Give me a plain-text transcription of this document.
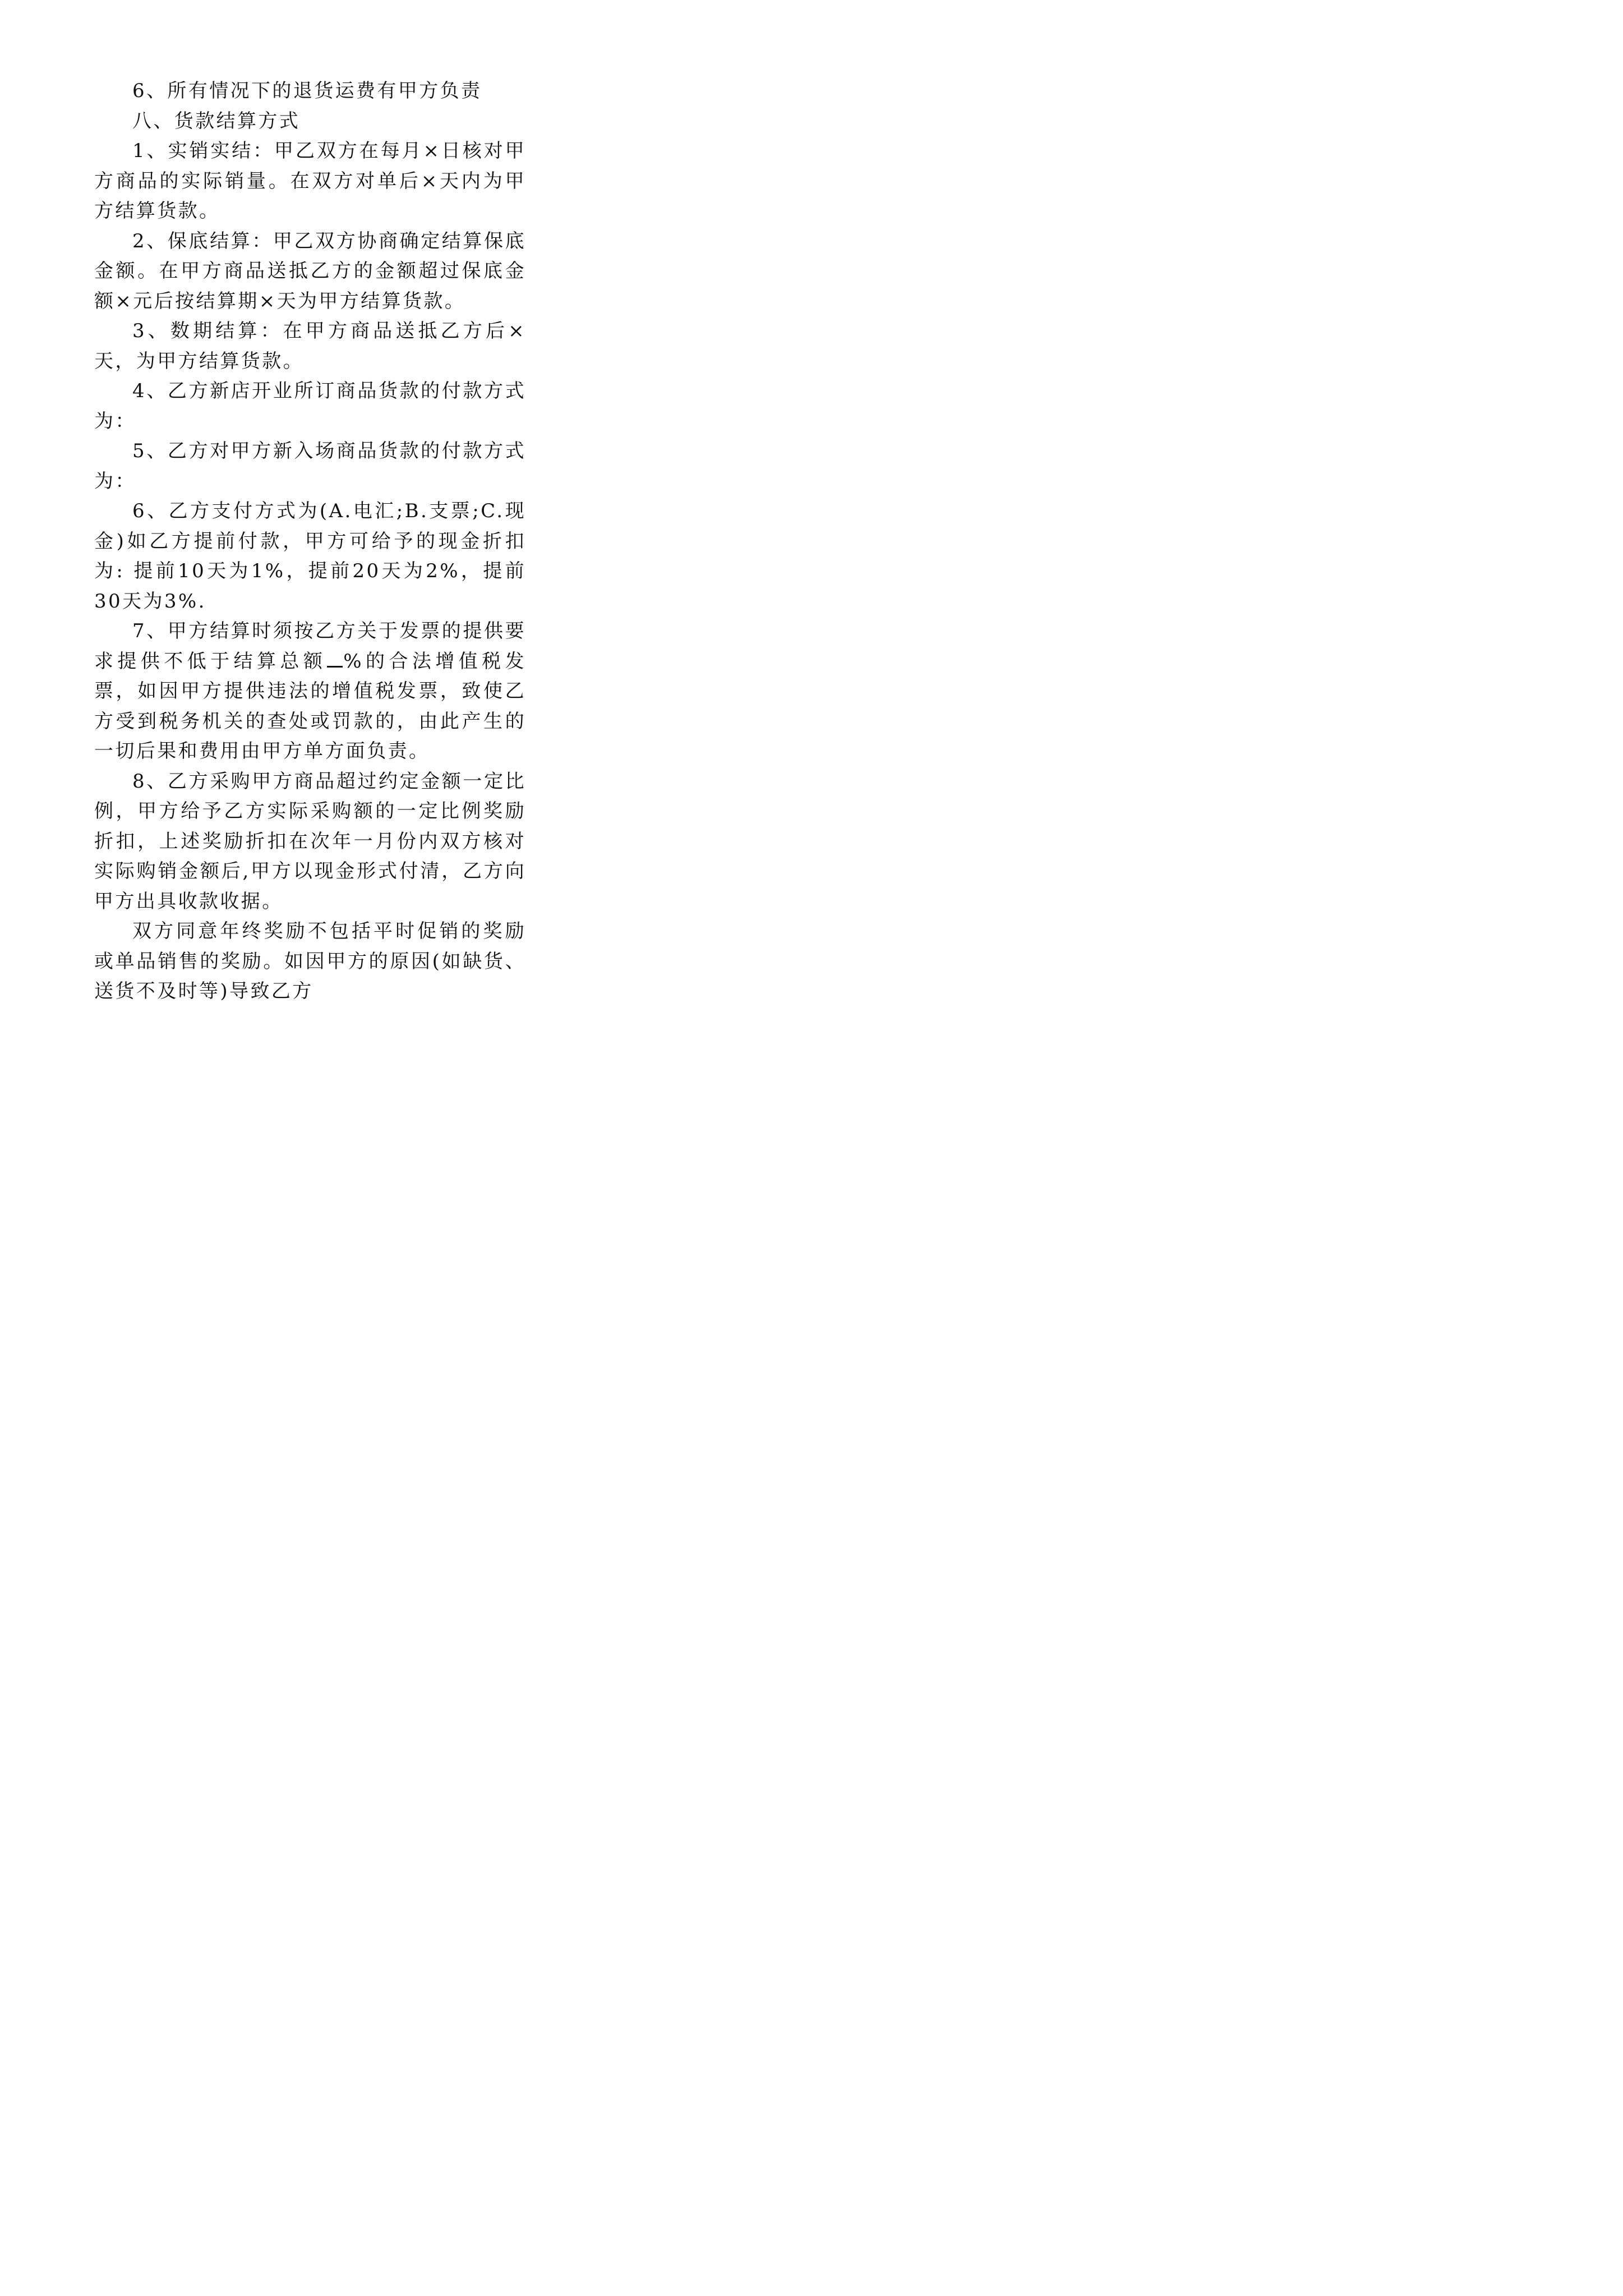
6、所有情况下的退货运费有甲方负责

八、货款结算方式

1、实销实结：甲乙双方在每月×日核对甲方商品的实际销量。在双方对单后×天内为甲方结算货款。

2、保底结算：甲乙双方协商确定结算保底金额。在甲方商品送抵乙方的金额超过保底金额×元后按结算期×天为甲方结算货款。

3、数期结算：在甲方商品送抵乙方后×天，为甲方结算货款。

4、乙方新店开业所订商品货款的付款方式为：

5、乙方对甲方新入场商品货款的付款方式为：

6、乙方支付方式为(A.电汇;B.支票;C.现金)如乙方提前付款，甲方可给予的现金折扣为: 提前10天为1%，提前20天为2%，提前30天为3%.

7、甲方结算时须按乙方关于发票的提供要求提供不低于结算总额 %的合法增值税发票，如因甲方提供违法的增值税发票，致使乙方受到税务机关的查处或罚款的，由此产生的一切后果和费用由甲方单方面负责。

8、乙方采购甲方商品超过约定金额一定比例，甲方给予乙方实际采购额的一定比例奖励折扣，上述奖励折扣在次年一月份内双方核对实际购销金额后,甲方以现金形式付清，乙方向甲方出具收款收据。

双方同意年终奖励不包括平时促销的奖励或单品销售的奖励。如因甲方的原因(如缺货、送货不及时等)导致乙方
